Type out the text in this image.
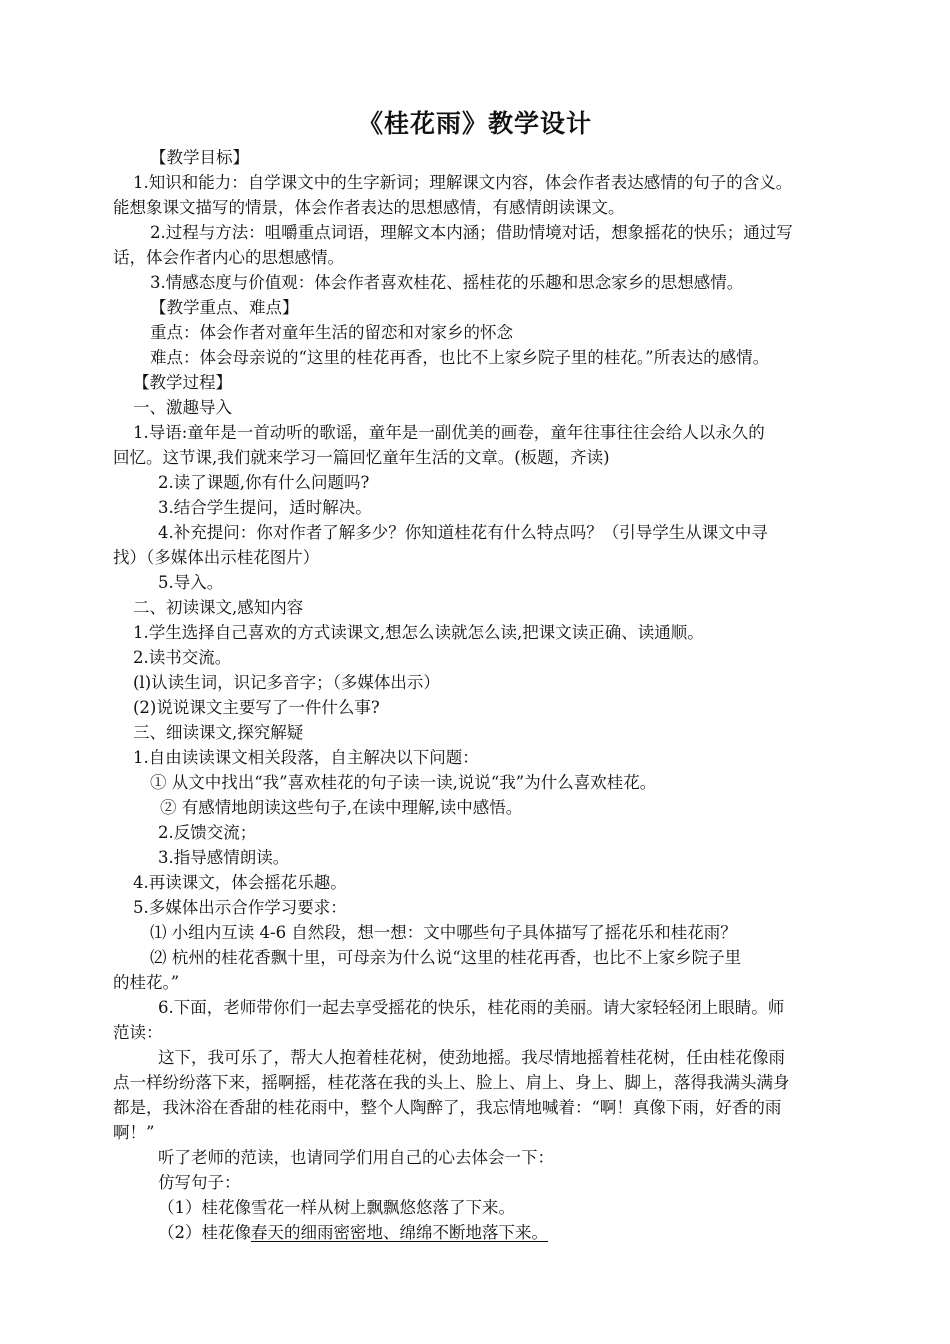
《桂花雨》教学设计
【教学目标】
1.知识和能力：自学课文中的生字新词；理解课文内容，体会作者表达感情的句子的含义。
能想象课文描写的情景，体会作者表达的思想感情，有感情朗读课文。
2.过程与方法：咀嚼重点词语，理解文本内涵；借助情境对话，想象摇花的快乐；通过写
话，体会作者内心的思想感情。
3.情感态度与价值观：体会作者喜欢桂花、摇桂花的乐趣和思念家乡的思想感情。
【教学重点、难点】
重点：体会作者对童年生活的留恋和对家乡的怀念
难点：体会母亲说的“这里的桂花再香，也比不上家乡院子里的桂花。”所表达的感情。
【教学过程】
一、激趣导入
1.导语:童年是一首动听的歌谣，童年是一副优美的画卷，童年往事往往会给人以永久的
回忆。这节课,我们就来学习一篇回忆童年生活的文章。(板题，齐读)
2.读了课题,你有什么问题吗?
3.结合学生提问，适时解决。
4.补充提问：你对作者了解多少？你知道桂花有什么特点吗？（引导学生从课文中寻
找）（多媒体出示桂花图片）
5.导入。
二、初读课文,感知内容
1.学生选择自己喜欢的方式读课文,想怎么读就怎么读,把课文读正确、读通顺。
2.读书交流。
(l)认读生词，识记多音字；（多媒体出示）
(2)说说课文主要写了一件什么事?
三、细读课文,探究解疑
1.自由读读课文相关段落，自主解决以下问题：
① 从文中找出“我”喜欢桂花的句子读一读,说说“我”为什么喜欢桂花。
② 有感情地朗读这些句子,在读中理解,读中感悟。
2.反馈交流；
3.指导感情朗读。
4.再读课文，体会摇花乐趣。
5.多媒体出示合作学习要求：
⑴ 小组内互读 4-6 自然段，想一想：文中哪些句子具体描写了摇花乐和桂花雨？
⑵ 杭州的桂花香飘十里，可母亲为什么说“这里的桂花再香，也比不上家乡院子里
的桂花。”
6.下面，老师带你们一起去享受摇花的快乐，桂花雨的美丽。请大家轻轻闭上眼睛。师
范读：
这下，我可乐了，帮大人抱着桂花树，使劲地摇。我尽情地摇着桂花树，任由桂花像雨
点一样纷纷落下来，摇啊摇，桂花落在我的头上、脸上、肩上、身上、脚上，落得我满头满身
都是，我沐浴在香甜的桂花雨中，整个人陶醉了，我忘情地喊着：“啊！真像下雨，好香的雨
啊！”
听了老师的范读，也请同学们用自己的心去体会一下：
仿写句子：
（1）桂花像雪花一样从树上飘飘悠悠落了下来。
（2）桂花像春天的细雨密密地、绵绵不断地落下来。
